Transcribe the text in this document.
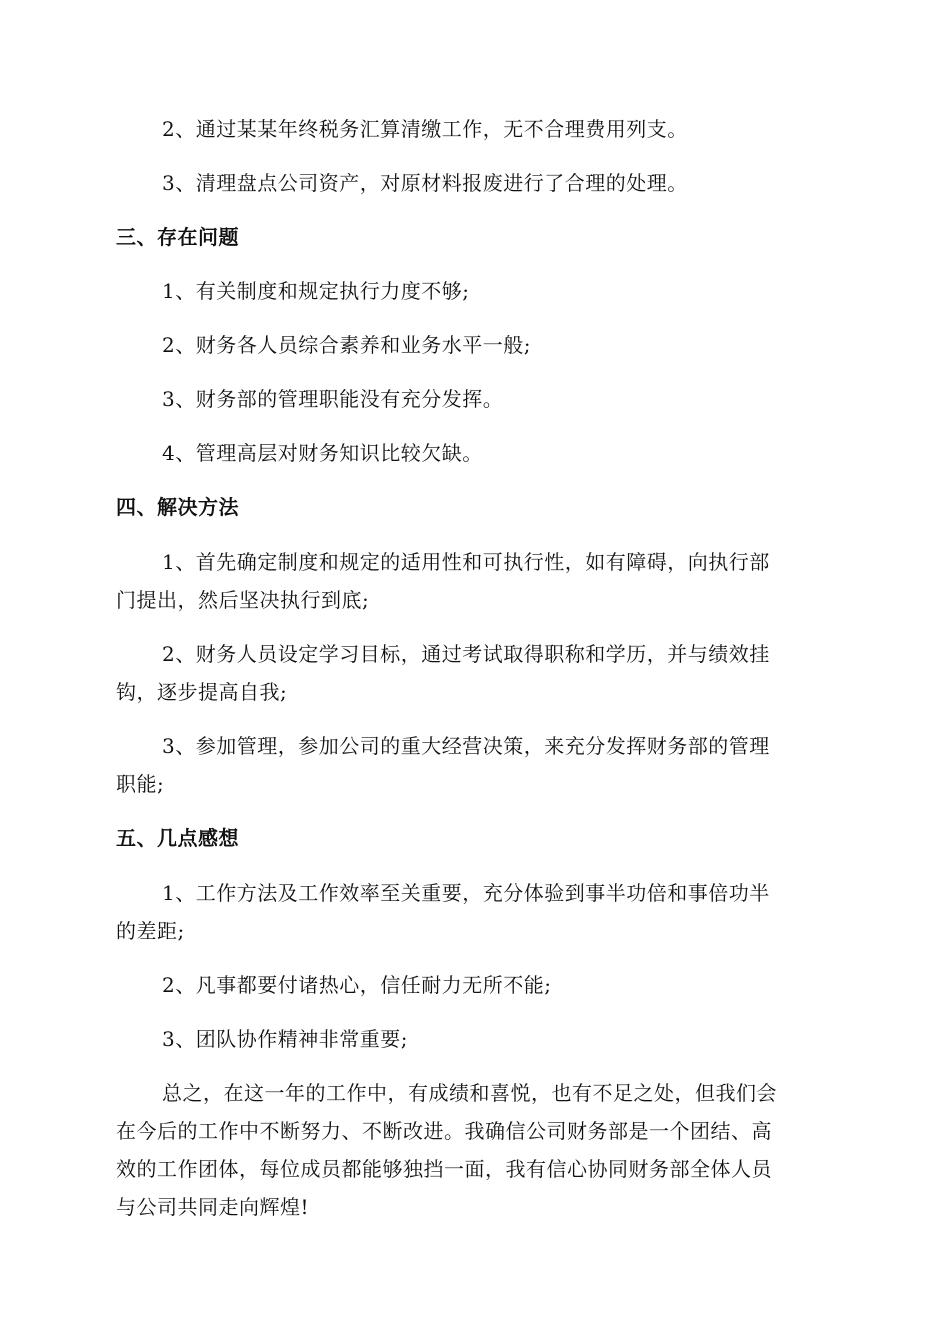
2、通过某某年终税务汇算清缴工作，无不合理费用列支。
3、清理盘点公司资产，对原材料报废进行了合理的处理。
三、存在问题
1、有关制度和规定执行力度不够;
2、财务各人员综合素养和业务水平一般;
3、财务部的管理职能没有充分发挥。
4、管理高层对财务知识比较欠缺。
四、解决方法
1、首先确定制度和规定的适用性和可执行性，如有障碍，向执行部
门提出，然后坚决执行到底;
2、财务人员设定学习目标，通过考试取得职称和学历，并与绩效挂
钩，逐步提高自我;
3、参加管理，参加公司的重大经营决策，来充分发挥财务部的管理
职能;
五、几点感想
1、工作方法及工作效率至关重要，充分体验到事半功倍和事倍功半
的差距;
2、凡事都要付诸热心，信任耐力无所不能;
3、团队协作精神非常重要;
总之，在这一年的工作中，有成绩和喜悦，也有不足之处，但我们会
在今后的工作中不断努力、不断改进。我确信公司财务部是一个团结、高
效的工作团体，每位成员都能够独挡一面，我有信心协同财务部全体人员
与公司共同走向辉煌!
